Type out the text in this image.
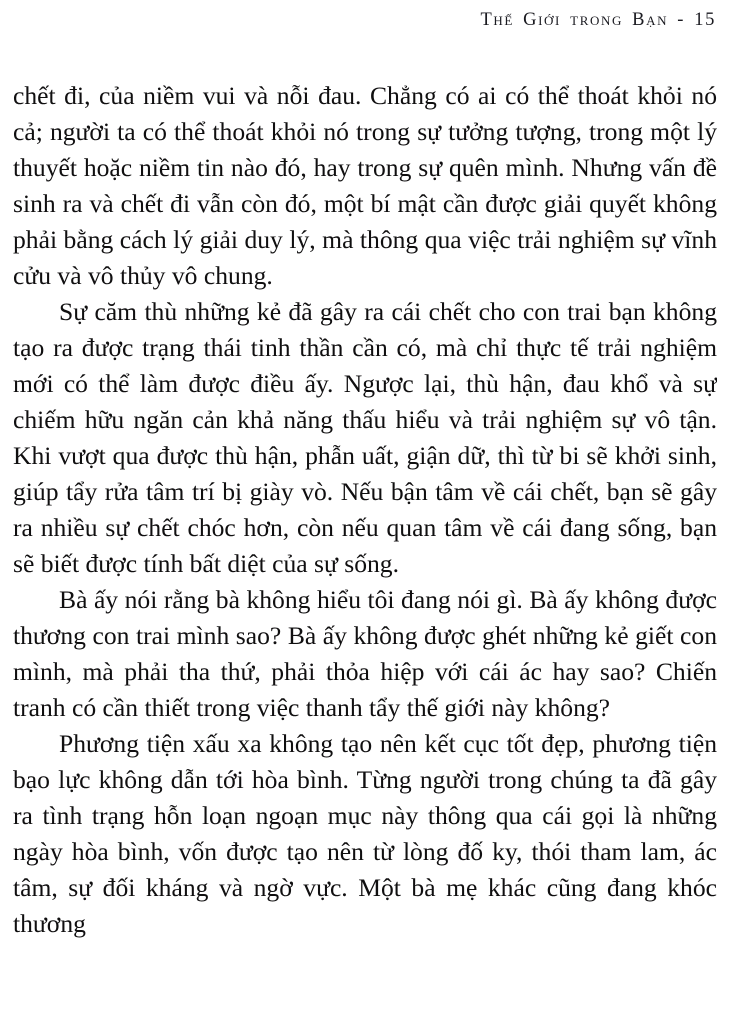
Thế Giới trong Bạn - 15

chết đi, của niềm vui và nỗi đau. Chẳng có ai có thể thoát khỏi nó cả; người ta có thể thoát khỏi nó trong sự tưởng tượng, trong một lý thuyết hoặc niềm tin nào đó, hay trong sự quên mình. Nhưng vấn đề sinh ra và chết đi vẫn còn đó, một bí mật cần được giải quyết không phải bằng cách lý giải duy lý, mà thông qua việc trải nghiệm sự vĩnh cửu và vô thủy vô chung.

Sự căm thù những kẻ đã gây ra cái chết cho con trai bạn không tạo ra được trạng thái tinh thần cần có, mà chỉ thực tế trải nghiệm mới có thể làm được điều ấy. Ngược lại, thù hận, đau khổ và sự chiếm hữu ngăn cản khả năng thấu hiểu và trải nghiệm sự vô tận. Khi vượt qua được thù hận, phẫn uất, giận dữ, thì từ bi sẽ khởi sinh, giúp tẩy rửa tâm trí bị giày vò. Nếu bận tâm về cái chết, bạn sẽ gây ra nhiều sự chết chóc hơn, còn nếu quan tâm về cái đang sống, bạn sẽ biết được tính bất diệt của sự sống.

Bà ấy nói rằng bà không hiểu tôi đang nói gì. Bà ấy không được thương con trai mình sao? Bà ấy không được ghét những kẻ giết con mình, mà phải tha thứ, phải thỏa hiệp với cái ác hay sao? Chiến tranh có cần thiết trong việc thanh tẩy thế giới này không?

Phương tiện xấu xa không tạo nên kết cục tốt đẹp, phương tiện bạo lực không dẫn tới hòa bình. Từng người trong chúng ta đã gây ra tình trạng hỗn loạn ngoạn mục này thông qua cái gọi là những ngày hòa bình, vốn được tạo nên từ lòng đố ky, thói tham lam, ác tâm, sự đối kháng và ngờ vực. Một bà mẹ khác cũng đang khóc thương
